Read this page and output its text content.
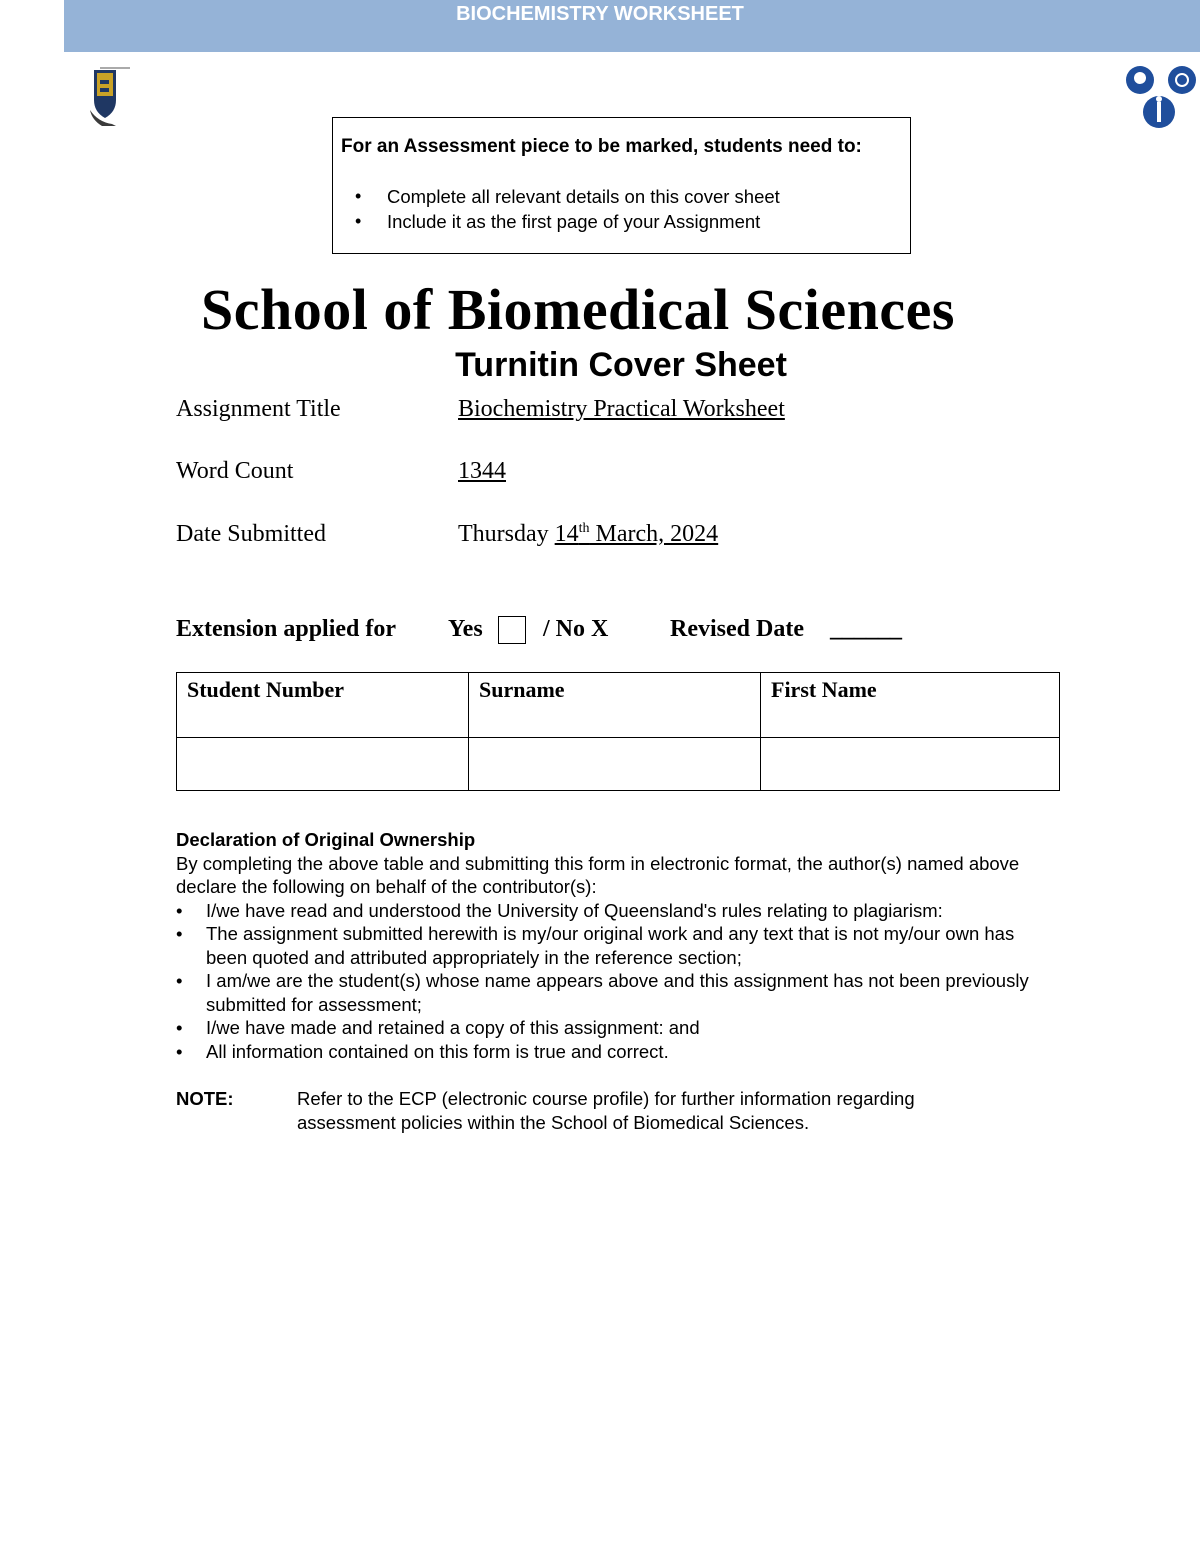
BIOCHEMISTRY WORKSHEET
For an Assessment piece to be marked, students need to:
• Complete all relevant details on this cover sheet
• Include it as the first page of your Assignment
School of Biomedical Sciences
Turnitin Cover Sheet
Assignment Title	Biochemistry Practical Worksheet
Word Count	1344
Date Submitted	Thursday 14th March, 2024
Extension applied for Yes	/ No X	Revised Date ______
Student Number	Surname	First Name

Declaration of Original Ownership

By completing the above table and submitting this form in electronic format, the author(s) named above declare the following on behalf of the contributor(s):

• I/we have read and understood the University of Queensland's rules relating to plagiarism:
• The assignment submitted herewith is my/our original work and any text that is not my/our own has been quoted and attributed appropriately in the reference section;
• I am/we are the student(s) whose name appears above and this assignment has not been previously submitted for assessment;
• I/we have made and retained a copy of this assignment: and
• All information contained on this form is true and correct.
NOTE:	Refer to the ECP (electronic course profile) for further information regarding assessment policies within the School of Biomedical Sciences.
